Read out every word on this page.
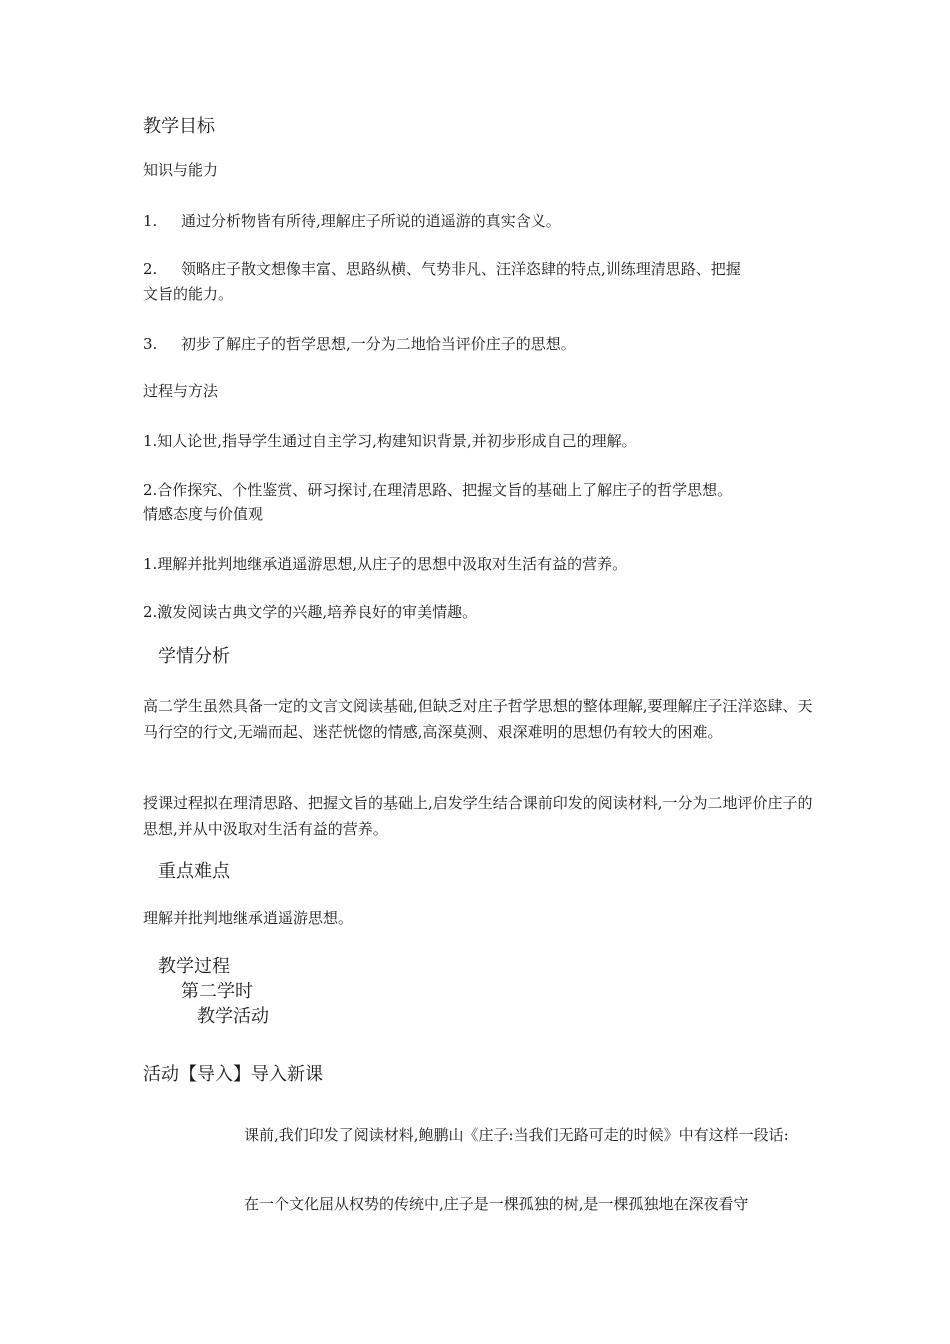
教学目标
知识与能力
1. 通过分析物皆有所待,理解庄子所说的逍遥游的真实含义。
2. 领略庄子散文想像丰富、思路纵横、气势非凡、汪洋恣肆的特点,训练理清思路、把握
文旨的能力。
3. 初步了解庄子的哲学思想,一分为二地恰当评价庄子的思想。
过程与方法
1.知人论世,指导学生通过自主学习,构建知识背景,并初步形成自己的理解。
2.合作探究、个性鉴赏、研习探讨,在理清思路、把握文旨的基础上了解庄子的哲学思想。
情感态度与价值观
1.理解并批判地继承逍遥游思想,从庄子的思想中汲取对生活有益的营养。
2.激发阅读古典文学的兴趣,培养良好的审美情趣。
学情分析
高二学生虽然具备一定的文言文阅读基础,但缺乏对庄子哲学思想的整体理解,要理解庄子汪洋恣肆、天马行空的行文,无端而起、迷茫恍惚的情感,高深莫测、艰深难明的思想仍有较大的困难。
授课过程拟在理清思路、把握文旨的基础上,启发学生结合课前印发的阅读材料,一分为二地评价庄子的思想,并从中汲取对生活有益的营养。
重点难点
理解并批判地继承逍遥游思想。
教学过程
第二学时
教学活动
活动【导入】导入新课
课前,我们印发了阅读材料,鲍鹏山《庄子:当我们无路可走的时候》中有这样一段话:
在一个文化屈从权势的传统中,庄子是一棵孤独的树,是一棵孤独地在深夜看守
